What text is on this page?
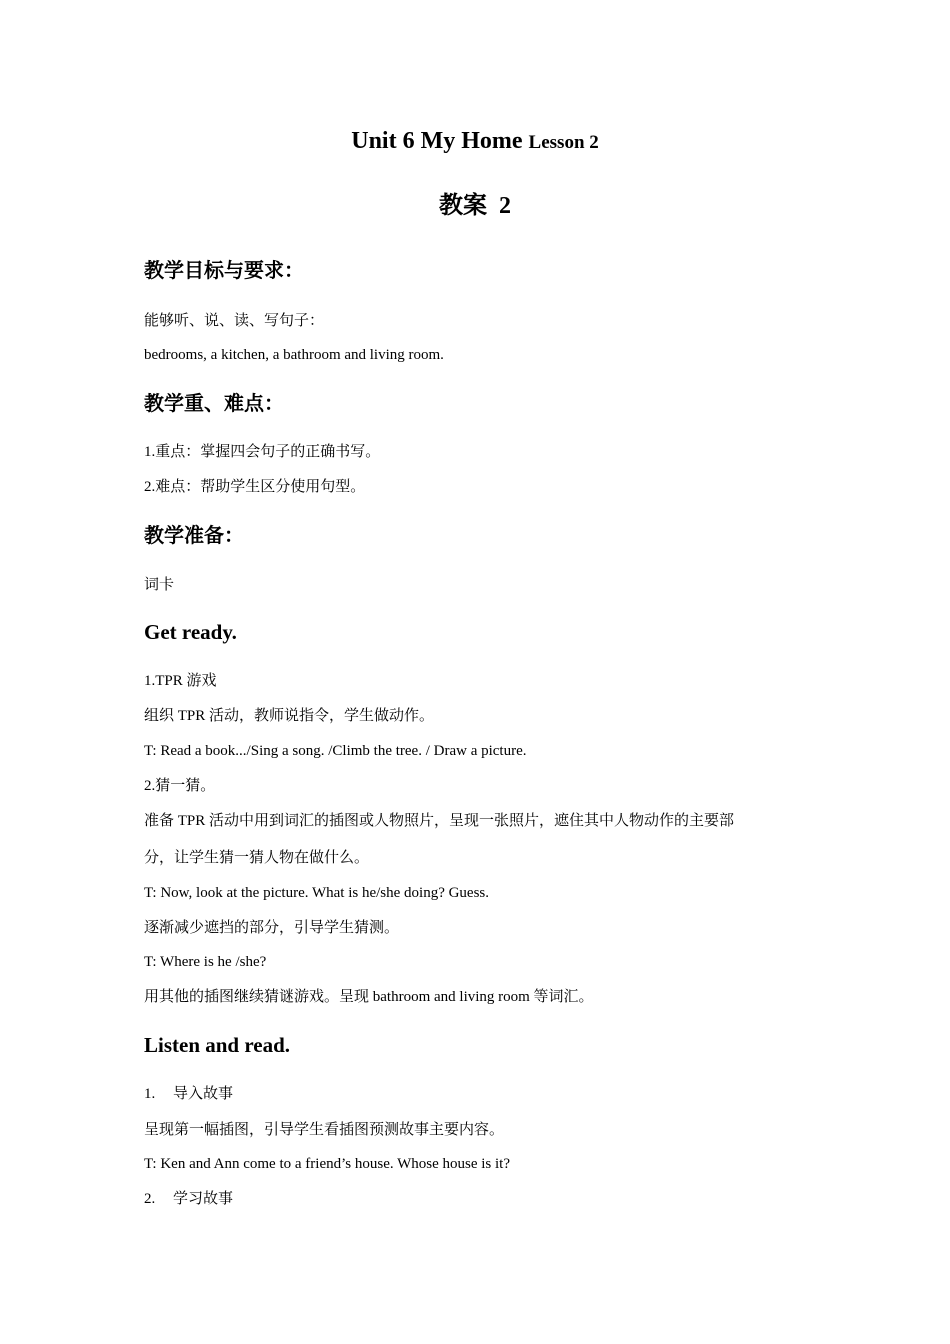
Unit 6 My Home Lesson 2
教案  2
教学目标与要求：
能够听、说、读、写句子：
bedrooms, a kitchen, a bathroom and living room.
教学重、难点：
1.重点：掌握四会句子的正确书写。
2.难点：帮助学生区分使用句型。
教学准备：
词卡
Get ready.
1.TPR 游戏
组织 TPR 活动，教师说指令，学生做动作。
T: Read a book.../Sing a song. /Climb the tree. / Draw a picture.
2.猜一猜。
准备 TPR 活动中用到词汇的插图或人物照片，呈现一张照片，遮住其中人物动作的主要部
分，让学生猜一猜人物在做什么。
T: Now, look at the picture. What is he/she doing? Guess.
逐渐减少遮挡的部分，引导学生猜测。
T: Where is he /she?
用其他的插图继续猜谜游戏。呈现 bathroom and living room 等词汇。
Listen and read.
1. 导入故事
呈现第一幅插图，引导学生看插图预测故事主要内容。
T: Ken and Ann come to a friend’s house. Whose house is it?
2. 学习故事
